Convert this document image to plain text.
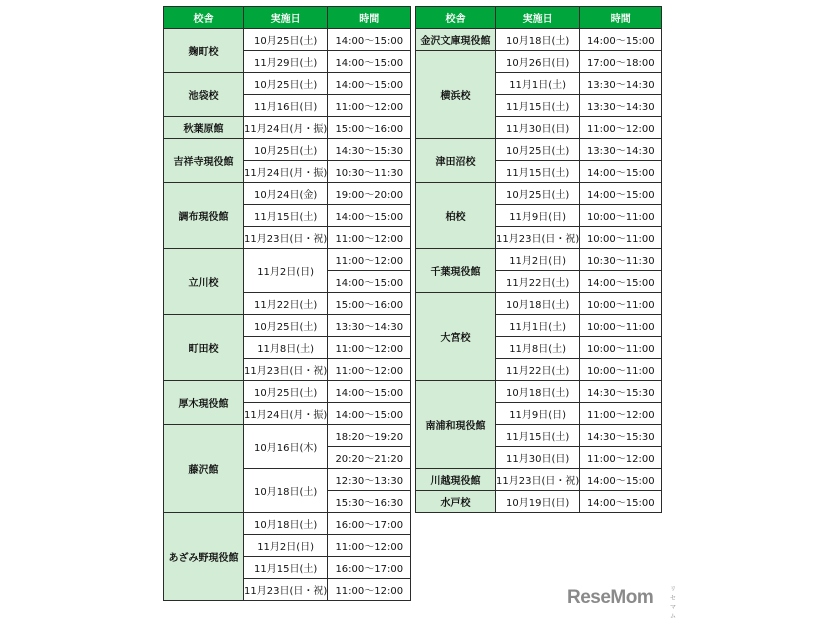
校舎	実施日	時間
麹町校	10月25日(土)	14:00〜15:00
	11月29日(土)	14:00〜15:00
池袋校	10月25日(土)	14:00〜15:00
	11月16日(日)	11:00〜12:00
秋葉原館	11月24日(月・振)	15:00〜16:00
吉祥寺現役館	10月25日(土)	14:30〜15:30
	11月24日(月・振)	10:30〜11:30
調布現役館	10月24日(金)	19:00〜20:00
	11月15日(土)	14:00〜15:00
	11月23日(日・祝)	11:00〜12:00
立川校	11月2日(日)	11:00〜12:00
		14:00〜15:00
	11月22日(土)	15:00〜16:00
町田校	10月25日(土)	13:30〜14:30
	11月8日(土)	11:00〜12:00
	11月23日(日・祝)	11:00〜12:00
厚木現役館	10月25日(土)	14:00〜15:00
	11月24日(月・振)	14:00〜15:00
藤沢館	10月16日(木)	18:20〜19:20
		20:20〜21:20
	10月18日(土)	12:30〜13:30
		15:30〜16:30
あざみ野現役館	10月18日(土)	16:00〜17:00
	11月2日(日)	11:00〜12:00
	11月15日(土)	16:00〜17:00
	11月23日(日・祝)	11:00〜12:00
校舎	実施日	時間
金沢文庫現役館	10月18日(土)	14:00〜15:00
横浜校	10月26日(日)	17:00〜18:00
	11月1日(土)	13:30〜14:30
	11月15日(土)	13:30〜14:30
	11月30日(日)	11:00〜12:00
津田沼校	10月25日(土)	13:30〜14:30
	11月15日(土)	14:00〜15:00
柏校	10月25日(土)	14:00〜15:00
	11月9日(日)	10:00〜11:00
	11月23日(日・祝)	10:00〜11:00
千葉現役館	11月2日(日)	10:30〜11:30
	11月22日(土)	14:00〜15:00
大宮校	10月18日(土)	10:00〜11:00
	11月1日(土)	10:00〜11:00
	11月8日(土)	10:00〜11:00
	11月22日(土)	10:00〜11:00
南浦和現役館	10月18日(土)	14:30〜15:30
	11月9日(日)	11:00〜12:00
	11月15日(土)	14:30〜15:30
	11月30日(日)	11:00〜12:00
川越現役館	11月23日(日・祝)	14:00〜15:00
水戸校	10月19日(日)	14:00〜15:00
ReseMom	リセマム
